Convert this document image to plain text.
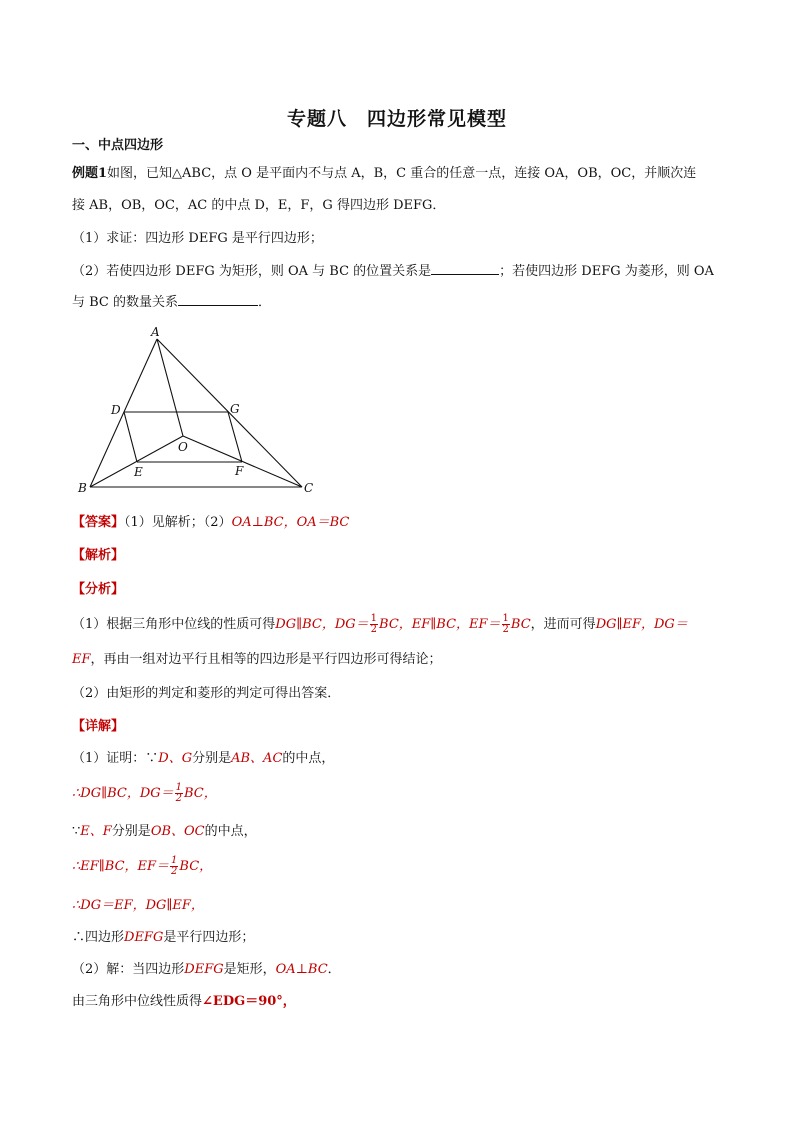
专题八　四边形常见模型
一、中点四边形
例题1如图，已知△ABC，点 O 是平面内不与点 A，B，C 重合的任意一点，连接 OA，OB，OC，并顺次连
接 AB，OB，OC，AC 的中点 D，E，F，G 得四边形 DEFG．
（1）求证：四边形 DEFG 是平行四边形；
（2）若使四边形 DEFG 为矩形，则 OA 与 BC 的位置关系是	；若使四边形 DEFG 为菱形，则 OA
与 BC 的数量关系	．
A
B	C
D
E	F
G
O
【答案】（1）见解析；（2）OA⊥BC，OA＝BC
【解析】
【分析】
（1）根据三角形中位线的性质可得DG∥BC，$DG= \frac{1}{2}$ BC，EF∥BC，$EF= \frac{1}{2}$ BC，进而可得DG∥EF，DG＝
EF，再由一组对边平行且相等的四边形是平行四边形可得结论；
（2）由矩形的判定和菱形的判定可得出答案．
【详解】
（1）证明：∵D、G分别是AB、AC的中点，
∴DG∥BC，$DG= \frac{1}{2}$ BC，
∵E、F分别是OB、OC的中点，
∴EF∥BC，$EF= \frac{1}{2}$ BC，
∴DG＝EF，DG∥EF，
∴四边形DEFG是平行四边形；
（2）解：当四边形DEFG是矩形，OA⊥BC．
由三角形中位线性质得∠EDG＝90°，
